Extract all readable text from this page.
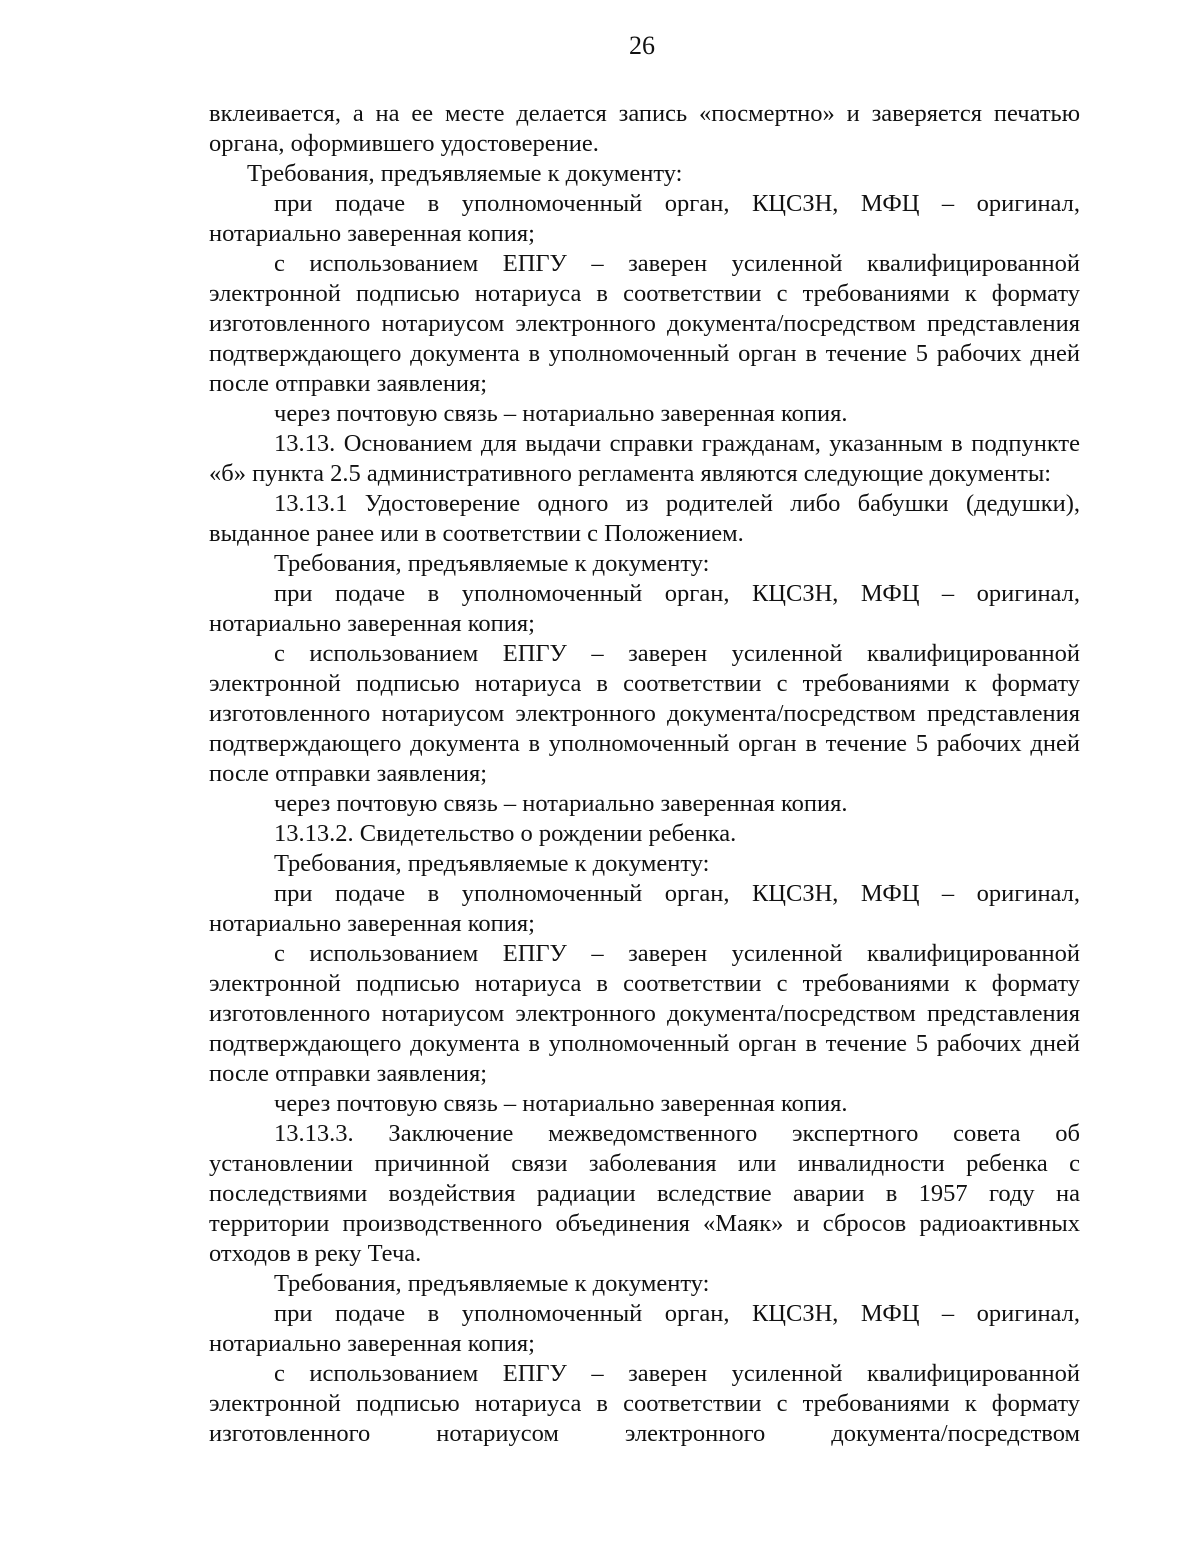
26

вклеивается, а на ее месте делается запись «посмертно» и заверяется печатью органа, оформившего удостоверение.

Требования, предъявляемые к документу:

при подаче в уполномоченный орган, КЦСЗН, МФЦ – оригинал, нотариально заверенная копия;

с использованием ЕПГУ – заверен усиленной квалифицированной электронной подписью нотариуса в соответствии с требованиями к формату изготовленного нотариусом электронного документа/посредством представления подтверждающего документа в уполномоченный орган в течение 5 рабочих дней после отправки заявления;

через почтовую связь – нотариально заверенная копия.

13.13. Основанием для выдачи справки гражданам, указанным в подпункте «б» пункта 2.5 административного регламента являются следующие документы:

13.13.1 Удостоверение одного из родителей либо бабушки (дедушки), выданное ранее или в соответствии с Положением.

Требования, предъявляемые к документу:

при подаче в уполномоченный орган, КЦСЗН, МФЦ – оригинал, нотариально заверенная копия;

с использованием ЕПГУ – заверен усиленной квалифицированной электронной подписью нотариуса в соответствии с требованиями к формату изготовленного нотариусом электронного документа/посредством представления подтверждающего документа в уполномоченный орган в течение 5 рабочих дней после отправки заявления;

через почтовую связь – нотариально заверенная копия.

13.13.2. Свидетельство о рождении ребенка.

Требования, предъявляемые к документу:

при подаче в уполномоченный орган, КЦСЗН, МФЦ – оригинал, нотариально заверенная копия;

с использованием ЕПГУ – заверен усиленной квалифицированной электронной подписью нотариуса в соответствии с требованиями к формату изготовленного нотариусом электронного документа/посредством представления подтверждающего документа в уполномоченный орган в течение 5 рабочих дней после отправки заявления;

через почтовую связь – нотариально заверенная копия.

13.13.3. Заключение межведомственного экспертного совета об установлении причинной связи заболевания или инвалидности ребенка с последствиями воздействия радиации вследствие аварии в 1957 году на территории производственного объединения «Маяк» и сбросов радиоактивных отходов в реку Теча.

Требования, предъявляемые к документу:

при подаче в уполномоченный орган, КЦСЗН, МФЦ – оригинал, нотариально заверенная копия;

с использованием ЕПГУ – заверен усиленной квалифицированной электронной подписью нотариуса в соответствии с требованиями к формату изготовленного нотариусом электронного документа/посредством
